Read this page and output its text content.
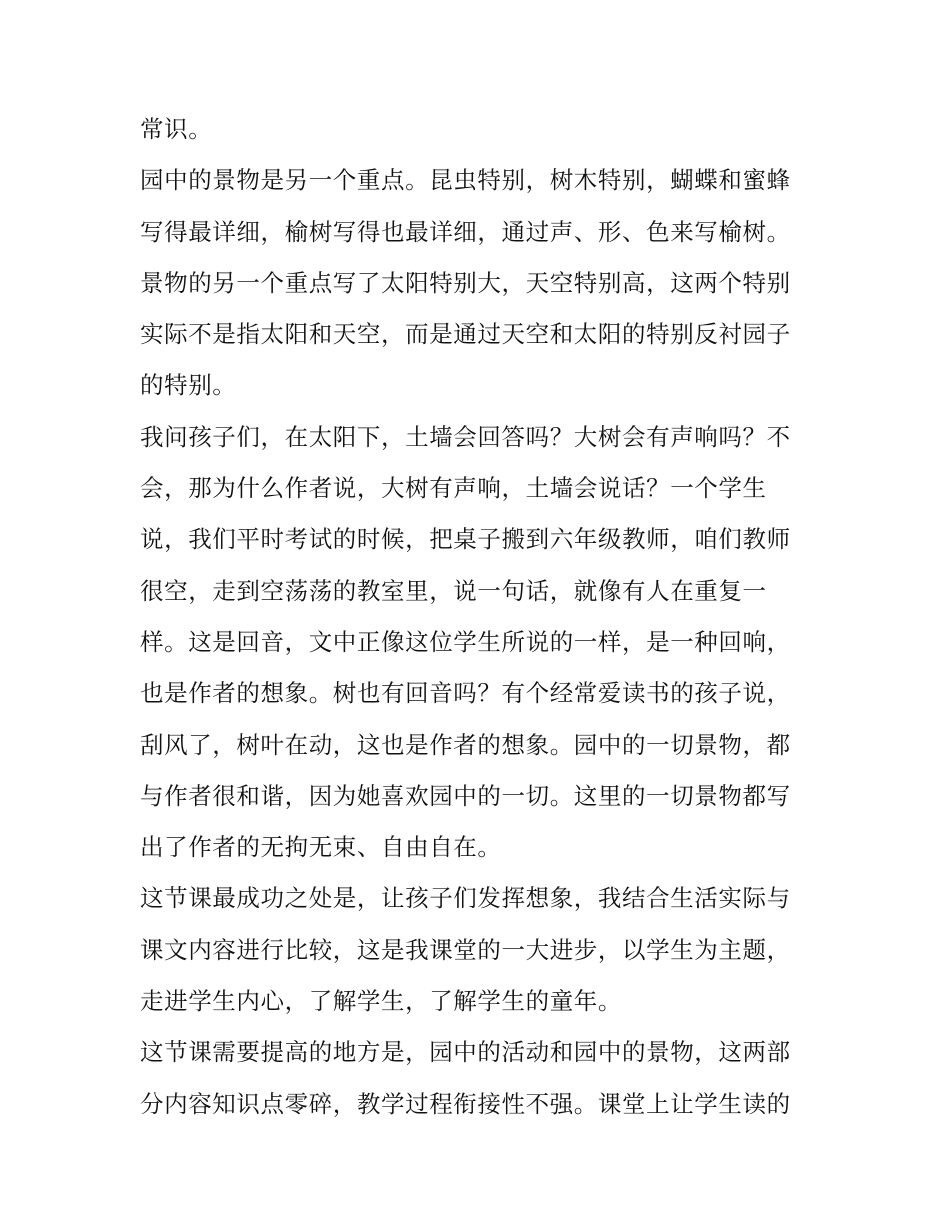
常识。
园中的景物是另一个重点。昆虫特别，树木特别，蝴蝶和蜜蜂
写得最详细，榆树写得也最详细，通过声、形、色来写榆树。
景物的另一个重点写了太阳特别大，天空特别高，这两个特别
实际不是指太阳和天空，而是通过天空和太阳的特别反衬园子
的特别。
我问孩子们，在太阳下，土墙会回答吗？大树会有声响吗？不
会，那为什么作者说，大树有声响，土墙会说话？一个学生
说，我们平时考试的时候，把桌子搬到六年级教师，咱们教师
很空，走到空荡荡的教室里，说一句话，就像有人在重复一
样。这是回音，文中正像这位学生所说的一样，是一种回响，
也是作者的想象。树也有回音吗？有个经常爱读书的孩子说，
刮风了，树叶在动，这也是作者的想象。园中的一切景物，都
与作者很和谐，因为她喜欢园中的一切。这里的一切景物都写
出了作者的无拘无束、自由自在。
这节课最成功之处是，让孩子们发挥想象，我结合生活实际与
课文内容进行比较，这是我课堂的一大进步，以学生为主题，
走进学生内心，了解学生，了解学生的童年。
这节课需要提高的地方是，园中的活动和园中的景物，这两部
分内容知识点零碎，教学过程衔接性不强。课堂上让学生读的
